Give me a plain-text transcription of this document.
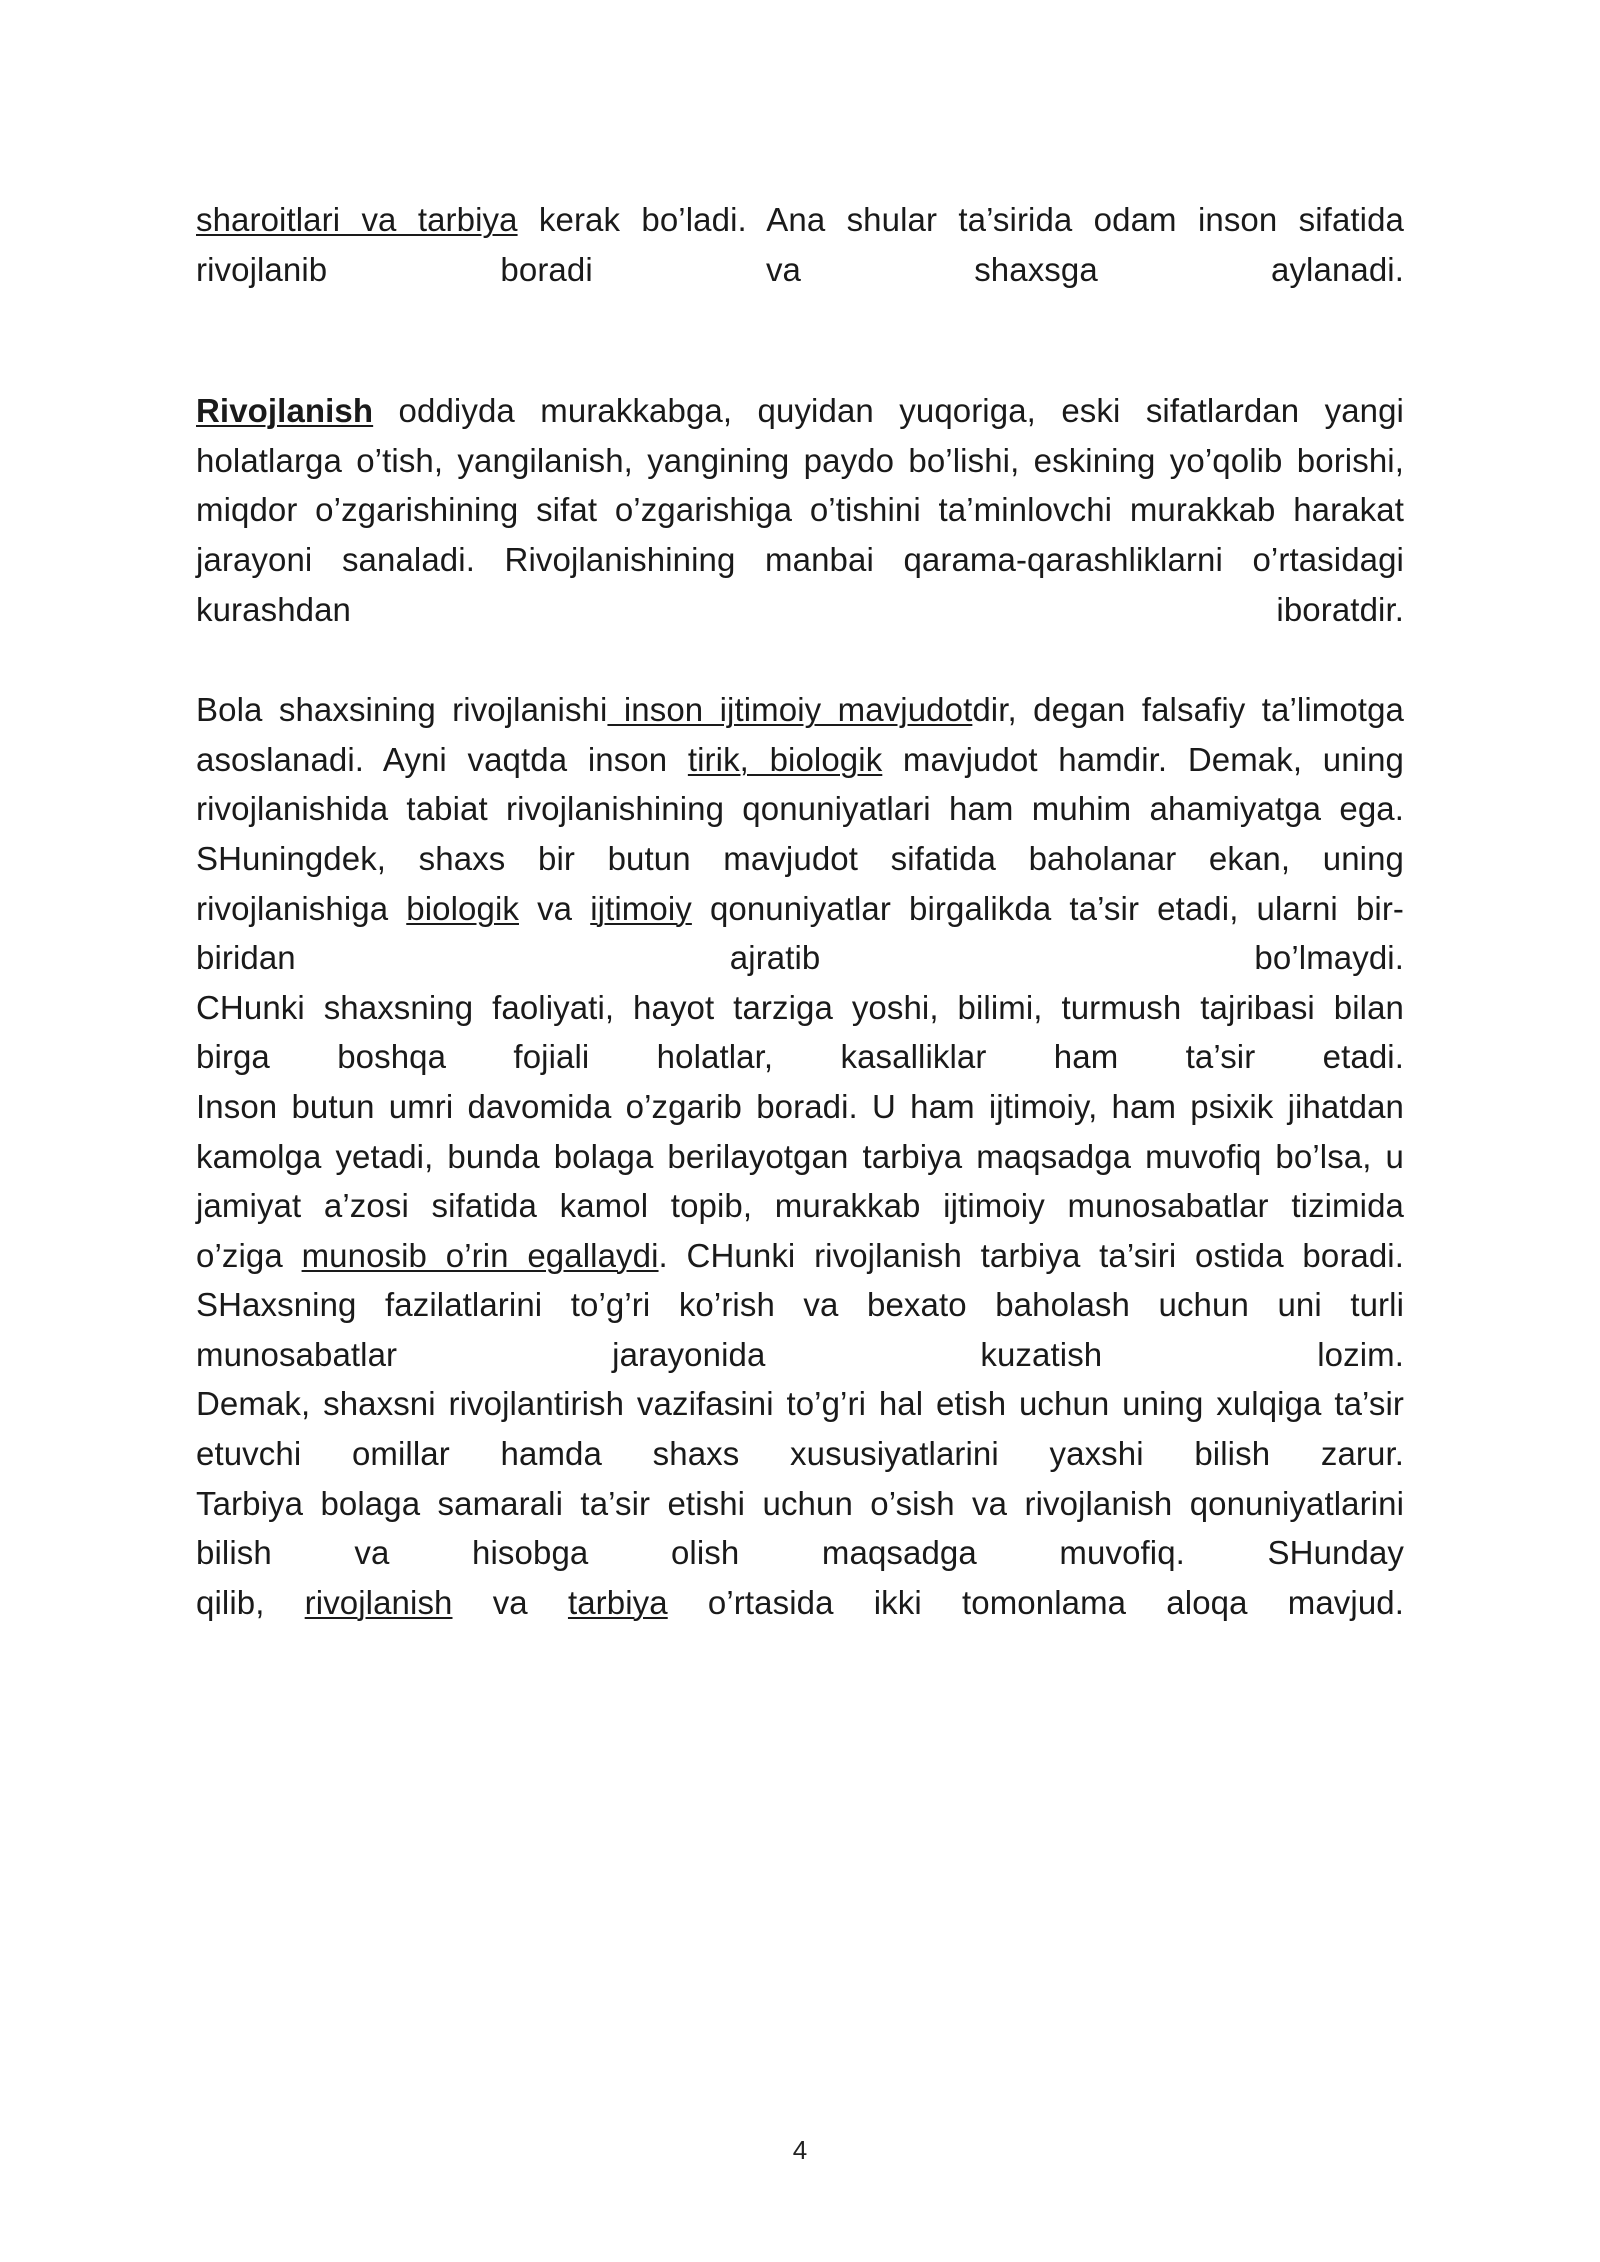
sharoitlari va tarbiya kerak bo’ladi. Ana shular ta’sirida odam inson sifatida
rivojlanib boradi va shaxsga aylanadi.
Rivojlanish oddiyda murakkabga, quyidan yuqoriga, eski sifatlardan yangi
holatlarga o’tish, yangilanish, yangining paydo bo’lishi, eskining yo’qolib borishi,
miqdor o’zgarishining sifat o’zgarishiga o’tishini ta’minlovchi murakkab harakat
jarayoni sanaladi. Rivojlanishining manbai qarama-qarashliklarni o’rtasidagi
kurashdan iboratdir.
Bola shaxsining rivojlanishi inson ijtimoiy mavjudotdir, degan falsafiy ta’limotga
asoslanadi. Ayni vaqtda inson tirik, biologik mavjudot hamdir. Demak, uning
rivojlanishida tabiat rivojlanishining qonuniyatlari ham muhim ahamiyatga ega.
SHuningdek, shaxs bir butun mavjudot sifatida baholanar ekan, uning
rivojlanishiga biologik va ijtimoiy qonuniyatlar birgalikda ta’sir etadi, ularni bir-
biridan ajratib bo’lmaydi.
CHunki shaxsning faoliyati, hayot tarziga yoshi, bilimi, turmush tajribasi bilan
birga boshqa fojiali holatlar, kasalliklar ham ta’sir etadi.
Inson butun umri davomida o’zgarib boradi. U ham ijtimoiy, ham psixik jihatdan
kamolga yetadi, bunda bolaga berilayotgan tarbiya maqsadga muvofiq bo’lsa, u
jamiyat a’zosi sifatida kamol topib, murakkab ijtimoiy munosabatlar tizimida
o’ziga munosib o’rin egallaydi. CHunki rivojlanish tarbiya ta’siri ostida boradi.
SHaxsning fazilatlarini to’g’ri ko’rish va bexato baholash uchun uni turli
munosabatlar jarayonida kuzatish lozim.
Demak, shaxsni rivojlantirish vazifasini to’g’ri hal etish uchun uning xulqiga ta’sir
etuvchi omillar hamda shaxs xususiyatlarini yaxshi bilish zarur.
Tarbiya bolaga samarali ta’sir etishi uchun o’sish va rivojlanish qonuniyatlarini
bilish va hisobga olish maqsadga muvofiq. SHunday
qilib, rivojlanish va tarbiya o’rtasida ikki tomonlama aloqa mavjud.
4
